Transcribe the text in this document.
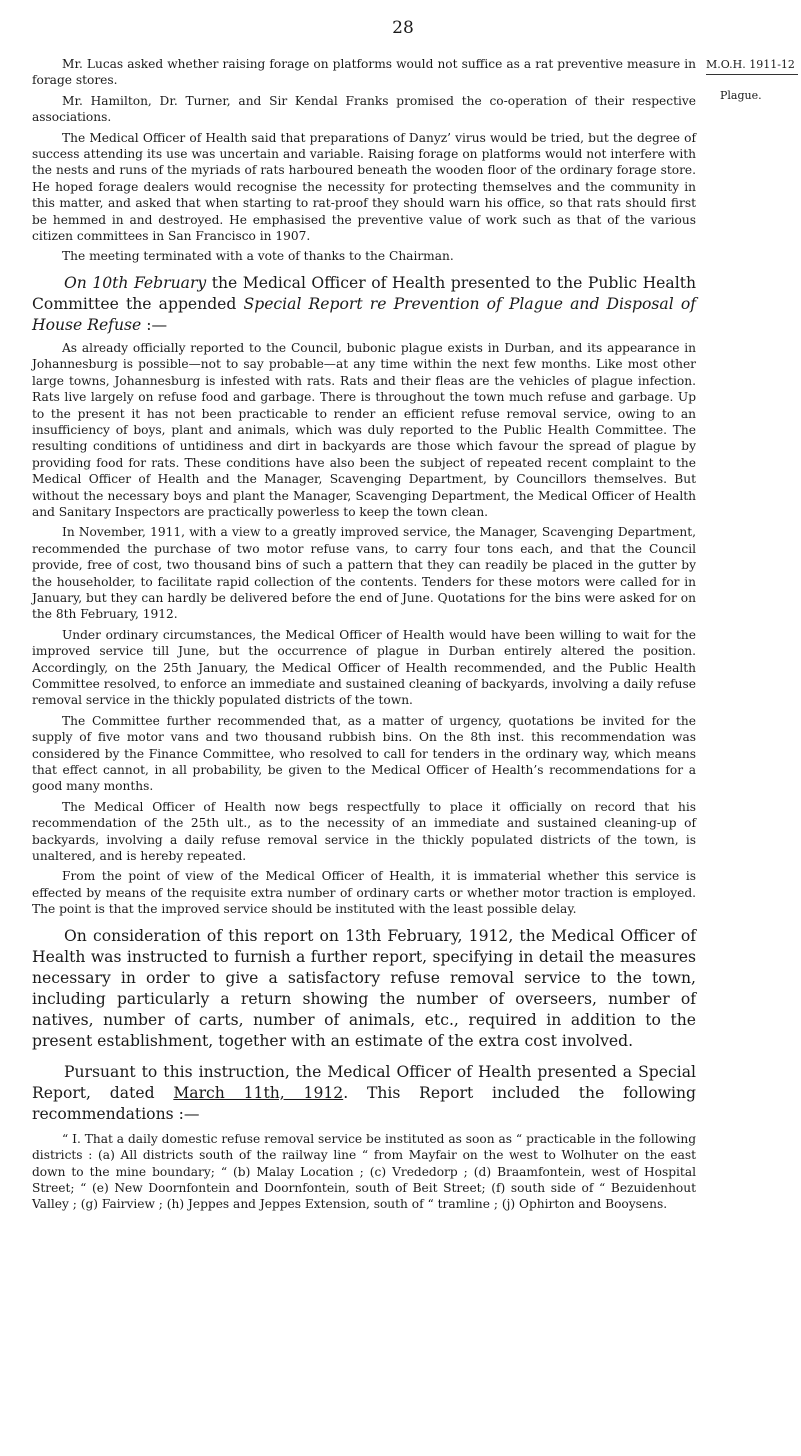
28
M.O.H. 1911-12
Plague.

Mr. Lucas asked whether raising forage on platforms would not suffice as a rat preventive measure in forage stores.

Mr. Hamilton, Dr. Turner, and Sir Kendal Franks promised the co-operation of their respective associations.

The Medical Officer of Health said that preparations of Danyz’ virus would be tried, but the degree of success attending its use was uncertain and variable. Raising forage on platforms would not interfere with the nests and runs of the myriads of rats harboured beneath the wooden floor of the ordinary forage store. He hoped forage dealers would recognise the necessity for protecting themselves and the community in this matter, and asked that when starting to rat-proof they should warn his office, so that rats should first be hemmed in and destroyed. He emphasised the preventive value of work such as that of the various citizen committees in San Francisco in 1907.

The meeting terminated with a vote of thanks to the Chairman.

On 10th February the Medical Officer of Health presented to the Public Health Committee the appended Special Report re Prevention of Plague and Disposal of House Refuse :—

As already officially reported to the Council, bubonic plague exists in Durban, and its appearance in Johannesburg is possible—not to say probable—at any time within the next few months. Like most other large towns, Johannesburg is infested with rats. Rats and their fleas are the vehicles of plague infection. Rats live largely on refuse food and garbage. There is throughout the town much refuse and garbage. Up to the present it has not been practicable to render an efficient refuse removal service, owing to an insufficiency of boys, plant and animals, which was duly reported to the Public Health Committee. The resulting conditions of untidiness and dirt in backyards are those which favour the spread of plague by providing food for rats. These conditions have also been the subject of repeated recent complaint to the Medical Officer of Health and the Manager, Scavenging Department, by Councillors themselves. But without the necessary boys and plant the Manager, Scavenging Department, the Medical Officer of Health and Sanitary Inspectors are practically powerless to keep the town clean.

In November, 1911, with a view to a greatly improved service, the Manager, Scavenging Department, recommended the purchase of two motor refuse vans, to carry four tons each, and that the Council provide, free of cost, two thousand bins of such a pattern that they can readily be placed in the gutter by the householder, to facilitate rapid collection of the contents. Tenders for these motors were called for in January, but they can hardly be delivered before the end of June. Quotations for the bins were asked for on the 8th February, 1912.

Under ordinary circumstances, the Medical Officer of Health would have been willing to wait for the improved service till June, but the occurrence of plague in Durban entirely altered the position. Accordingly, on the 25th January, the Medical Officer of Health recommended, and the Public Health Committee resolved, to enforce an immediate and sustained cleaning of backyards, involving a daily refuse removal service in the thickly populated districts of the town.

The Committee further recommended that, as a matter of urgency, quotations be invited for the supply of five motor vans and two thousand rubbish bins. On the 8th inst. this recommendation was considered by the Finance Committee, who resolved to call for tenders in the ordinary way, which means that effect cannot, in all probability, be given to the Medical Officer of Health’s recommendations for a good many months.

The Medical Officer of Health now begs respectfully to place it officially on record that his recommendation of the 25th ult., as to the necessity of an immediate and sustained cleaning-up of backyards, involving a daily refuse removal service in the thickly populated districts of the town, is unaltered, and is hereby repeated.

From the point of view of the Medical Officer of Health, it is immaterial whether this service is effected by means of the requisite extra number of ordinary carts or whether motor traction is employed. The point is that the improved service should be instituted with the least possible delay.

On consideration of this report on 13th February, 1912, the Medical Officer of Health was instructed to furnish a further report, specifying in detail the measures necessary in order to give a satisfactory refuse removal service to the town, including particularly a return showing the number of overseers, number of natives, number of carts, number of animals, etc., required in addition to the present establishment, together with an estimate of the extra cost involved.

Pursuant to this instruction, the Medical Officer of Health presented a Special Report, dated March 11th, 1912. This Report included the following recommendations :—

“ I. That a daily domestic refuse removal service be instituted as soon as “ practicable in the following districts : (a) All districts south of the railway line “ from Mayfair on the west to Wolhuter on the east down to the mine boundary; “ (b) Malay Location ; (c) Vrededorp ; (d) Braamfontein, west of Hospital Street; “ (e) New Doornfontein and Doornfontein, south of Beit Street; (f) south side of “ Bezuidenhout Valley ; (g) Fairview ; (h) Jeppes and Jeppes Extension, south of “ tramline ; (j) Ophirton and Booysens.
